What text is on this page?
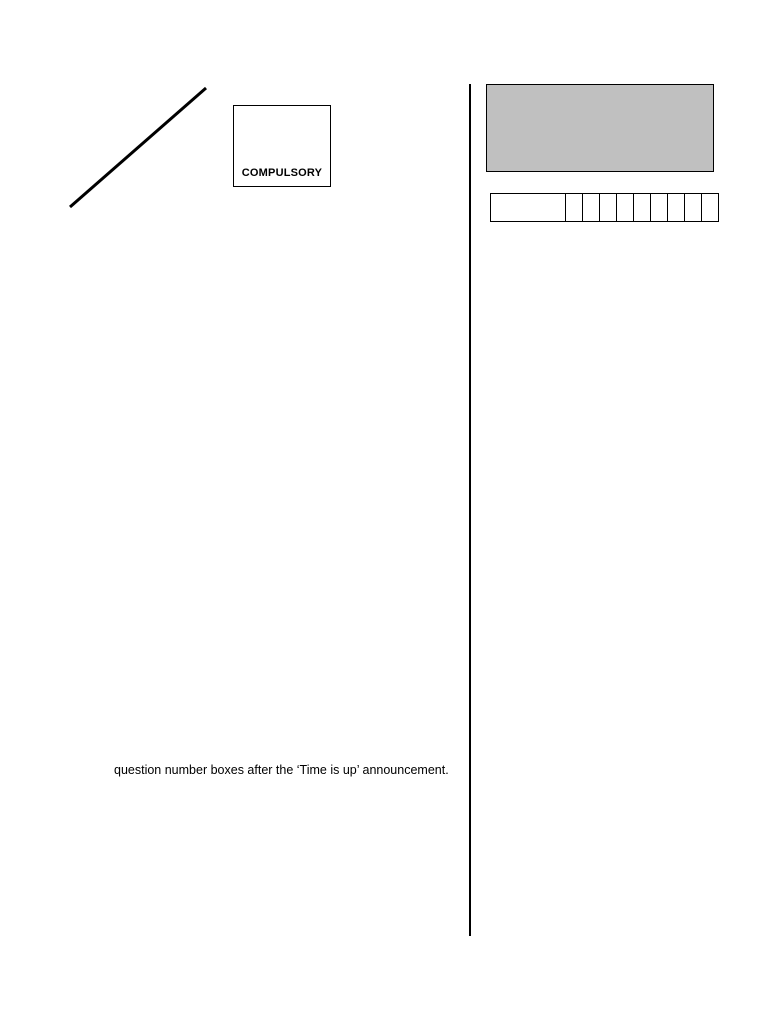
COMPULSORY
question number boxes after the ‘Time is up’ announcement.
